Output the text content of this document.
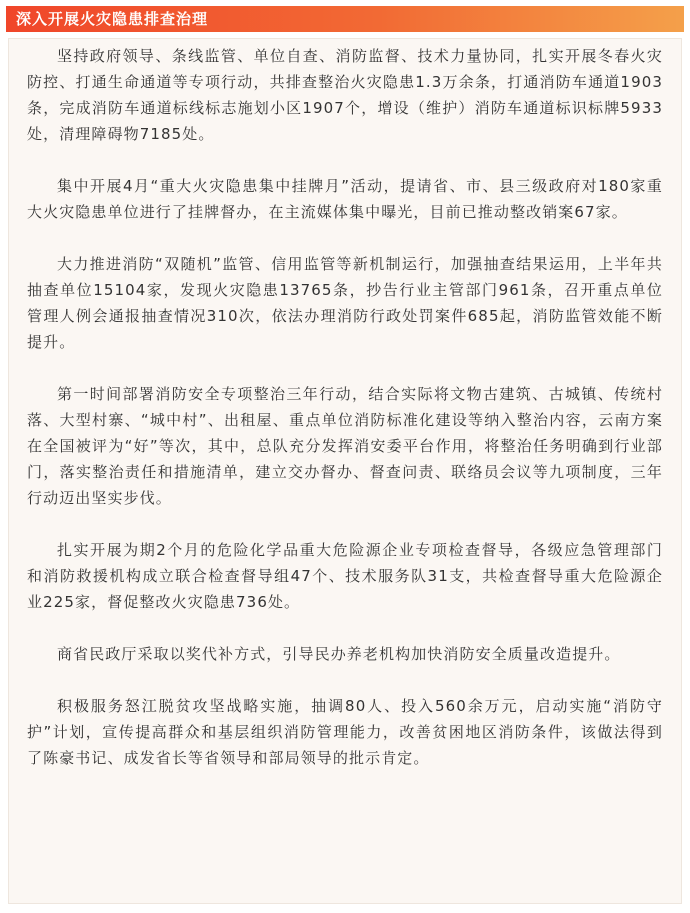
深入开展火灾隐患排查治理

坚持政府领导、条线监管、单位自查、消防监督、技术力量协同，扎实开展冬春火灾防控、打通生命通道等专项行动，共排查整治火灾隐患1.3万余条，打通消防车通道1903条，完成消防车通道标线标志施划小区1907个，增设（维护）消防车通道标识标牌5933处，清理障碍物7185处。

集中开展4月“重大火灾隐患集中挂牌月”活动，提请省、市、县三级政府对180家重大火灾隐患单位进行了挂牌督办，在主流媒体集中曝光，目前已推动整改销案67家。

大力推进消防“双随机”监管、信用监管等新机制运行，加强抽查结果运用，上半年共抽查单位15104家，发现火灾隐患13765条，抄告行业主管部门961条，召开重点单位管理人例会通报抽查情况310次，依法办理消防行政处罚案件685起，消防监管效能不断提升。

第一时间部署消防安全专项整治三年行动，结合实际将文物古建筑、古城镇、传统村落、大型村寨、“城中村”、出租屋、重点单位消防标准化建设等纳入整治内容，云南方案在全国被评为“好”等次，其中，总队充分发挥消安委平台作用，将整治任务明确到行业部门，落实整治责任和措施清单，建立交办督办、督查问责、联络员会议等九项制度，三年行动迈出坚实步伐。

扎实开展为期2个月的危险化学品重大危险源企业专项检查督导，各级应急管理部门和消防救援机构成立联合检查督导组47个、技术服务队31支，共检查督导重大危险源企业225家，督促整改火灾隐患736处。

商省民政厅采取以奖代补方式，引导民办养老机构加快消防安全质量改造提升。

积极服务怒江脱贫攻坚战略实施，抽调80人、投入560余万元，启动实施“消防守护”计划，宣传提高群众和基层组织消防管理能力，改善贫困地区消防条件，该做法得到了陈豪书记、成发省长等省领导和部局领导的批示肯定。
